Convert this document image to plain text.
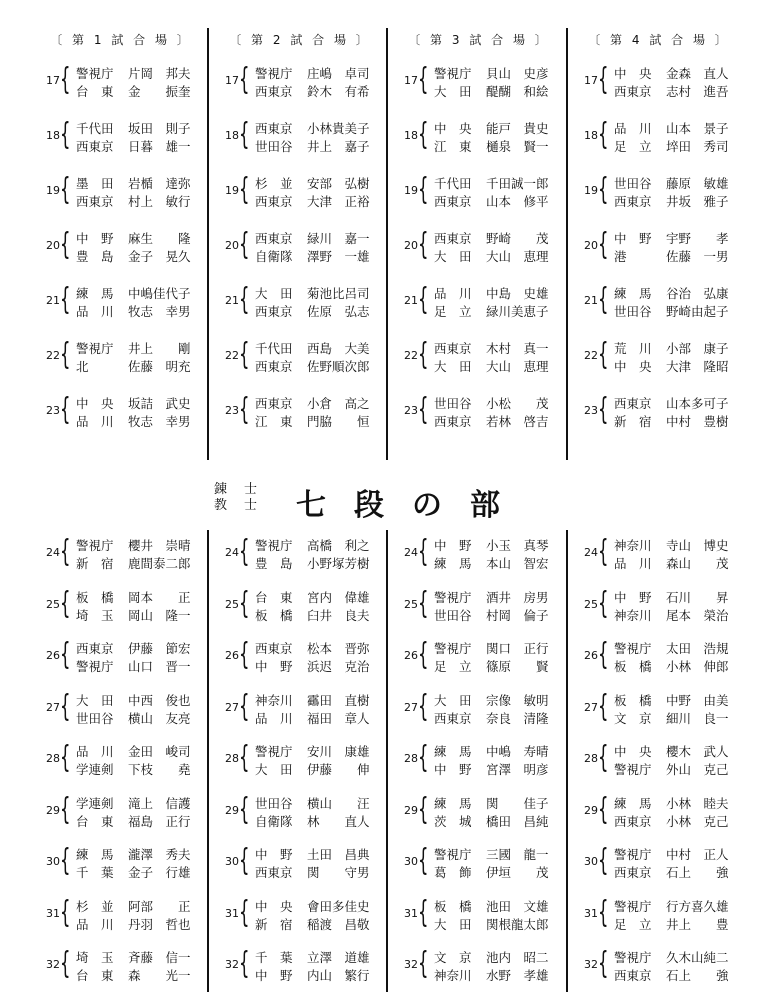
〔 第 1 試 合 場 〕
17 { 警視庁	片岡　邦夫
台　東	金　　振奎
18 { 千代田	坂田　則子
西東京	日暮　雄一
19 { 墨　田	岩楯　達弥
西東京	村上　敏行
20 { 中　野	麻生　　隆
豊　島	金子　晃久
21 { 練　馬	中嶋佳代子
品　川	牧志　幸男
22 { 警視庁	井上　　剛
北	佐藤　明充
23 { 中　央	坂詰　武史
品　川	牧志　幸男
〔 第 2 試 合 場 〕
17 { 警視庁	庄嶋　卓司
西東京	鈴木　有希
18 { 西東京	小林貴美子
世田谷	井上　嘉子
19 { 杉　並	安部　弘樹
西東京	大津　正裕
20 { 西東京	緑川　嘉一
自衛隊	澤野　一雄
21 { 大　田	菊池比呂司
西東京	佐原　弘志
22 { 千代田	西島　大美
西東京	佐野順次郎
23 { 西東京	小倉　高之
江　東	門脇　　恒
〔 第 3 試 合 場 〕
17 { 警視庁	貝山　史彦
大　田	醍醐　和絵
18 { 中　央	能戸　貴史
江　東	樋泉　賢一
19 { 千代田	千田誠一郎
西東京	山本　修平
20 { 西東京	野崎　　茂
大　田	大山　恵理
21 { 品　川	中島　史雄
足　立	緑川美恵子
22 { 西東京	木村　真一
大　田	大山　恵理
23 { 世田谷	小松　　茂
西東京	若林　啓吉
〔 第 4 試 合 場 〕
17 { 中　央	金森　直人
西東京	志村　進吾
18 { 品　川	山本　景子
足　立	埣田　秀司
19 { 世田谷	藤原　敏雄
西東京	井坂　雅子
20 { 中　野	宇野　　孝
港	佐藤　一男
21 { 練　馬	谷治　弘康
世田谷	野崎由起子
22 { 荒　川	小部　康子
中　央	大津　隆昭
23 { 西東京	山本多可子
新　宿	中村　豊樹
錬
教
士
士 七段の部
24 { 警視庁	櫻井　崇晴
新　宿	鹿間泰二郎
25 { 板　橋	岡本　　正
埼　玉	岡山　隆一
26 { 西東京	伊藤　節宏
警視庁	山口　晋一
27 { 大　田	中西　俊也
世田谷	横山　友亮
28 { 品　川	金田　峻司
学連剣	下枝　　堯
29 { 学連剣	滝上　信護
台　東	福島　正行
30 { 練　馬	瀧澤　秀夫
千　葉	金子　行雄
31 { 杉　並	阿部　　正
品　川	丹羽　哲也
32 { 埼　玉	斉藤　信一
台　東	森　　光一
24 { 警視庁	高橋　利之
豊　島	小野塚芳樹
25 { 台　東	宮内　偉雄
板　橋	臼井　良夫
26 { 西東京	松本　晋弥
中　野	浜迟　克治
27 { 神奈川	靍田　直樹
品　川	福田　章人
28 { 警視庁	安川　康雄
大　田	伊藤　　伸
29 { 世田谷	横山　　汪
自衛隊	林　　直人
30 { 中　野	土田　昌典
西東京	関　　守男
31 { 中　央	會田多佳史
新　宿	稲渡　昌敬
32 { 千　葉	立澤　道雄
中　野	内山　繁行
24 { 中　野	小玉　真琴
練　馬	本山　智宏
25 { 警視庁	酒井　房男
世田谷	村岡　倫子
26 { 警視庁	関口　正行
足　立	篠原　　賢
27 { 大　田	宗像　敏明
西東京	奈良　清隆
28 { 練　馬	中嶋　寿晴
中　野	宮澤　明彦
29 { 練　馬	関　　佳子
茨　城	橋田　昌純
30 { 警視庁	三國　龍一
葛　飾	伊垣　　茂
31 { 板　橋	池田　文雄
大　田	関根龍太郎
32 { 文　京	池内　昭二
神奈川	水野　孝雄
24 { 神奈川	寺山　博史
品　川	森山　　茂
25 { 中　野	石川　　昇
神奈川	尾本　榮治
26 { 警視庁	太田　浩規
板　橋	小林　伸郎
27 { 板　橋	中野　由美
文　京	細川　良一
28 { 中　央	櫻木　武人
警視庁	外山　克己
29 { 練　馬	小林　睦夫
西東京	小林　克己
30 { 警視庁	中村　正人
西東京	石上　　強
31 { 警視庁	行方喜久雄
足　立	井上　　豊
32 { 警視庁	久木山純二
西東京	石上　　強
